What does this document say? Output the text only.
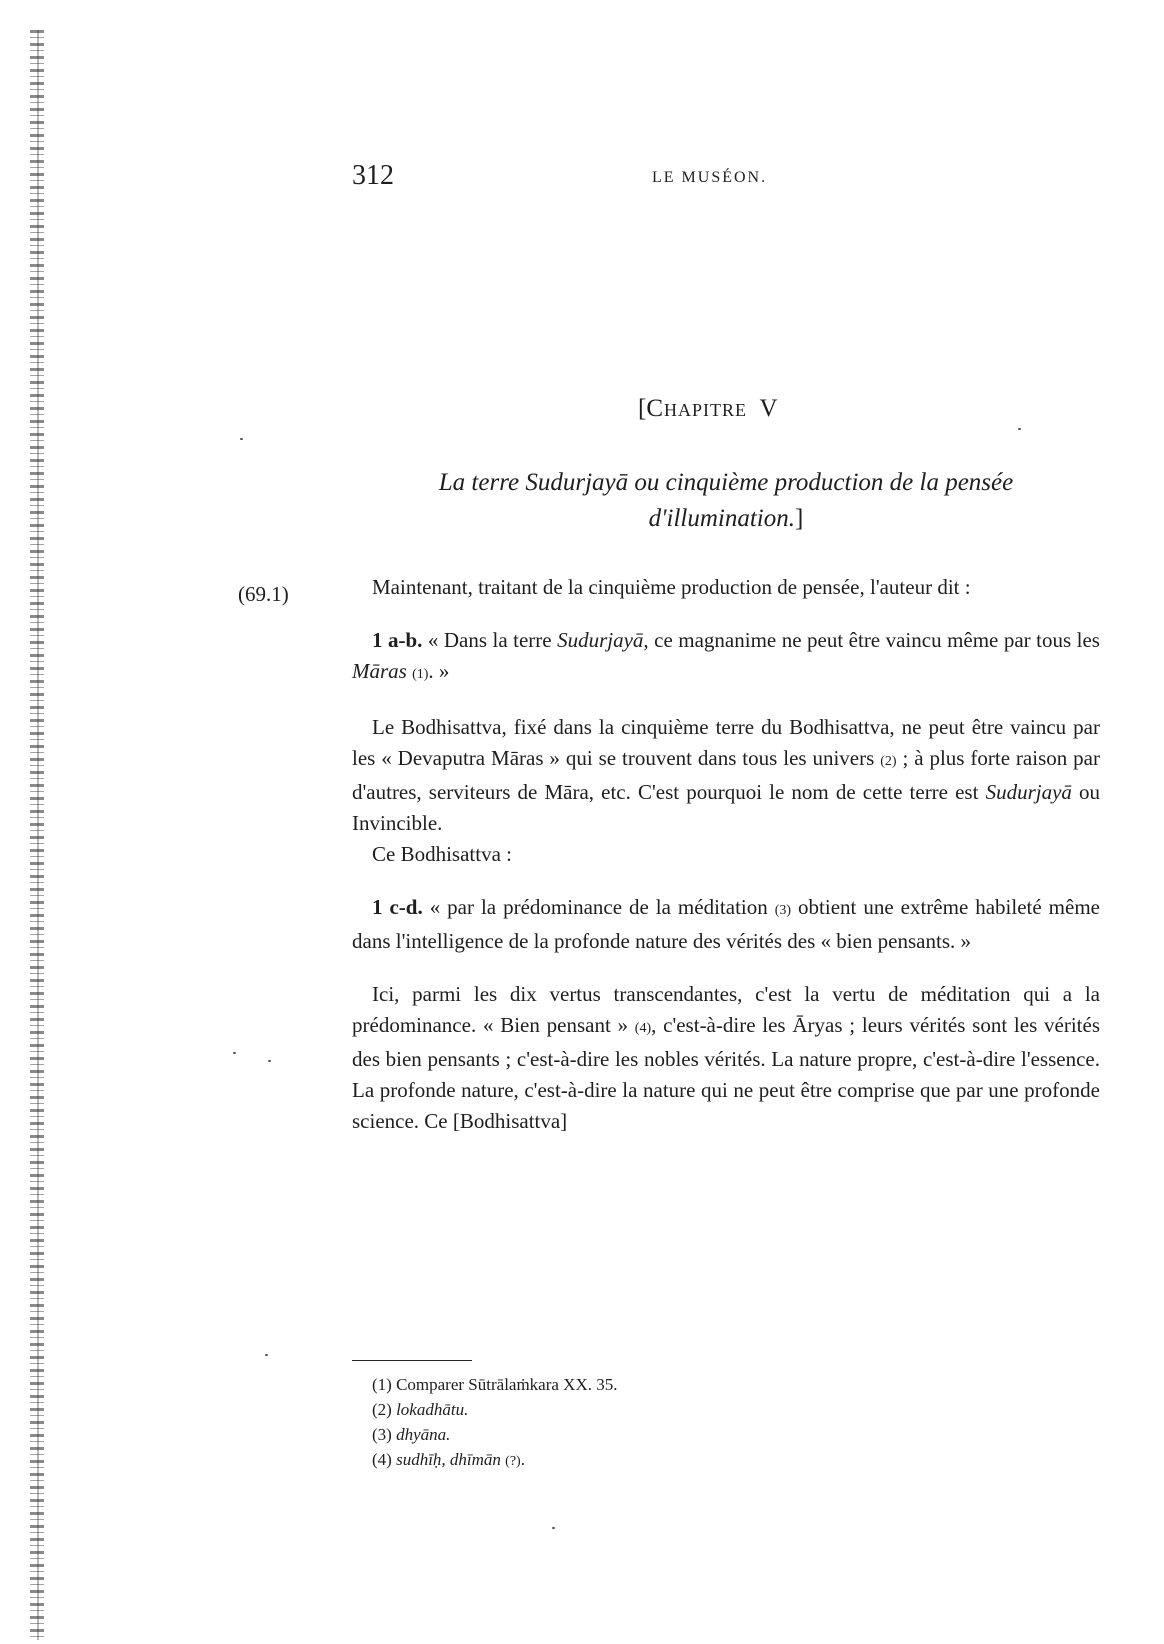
312	LE MUSÉON.
[Chapitre V
La terre Sudurjayā ou cinquième production de la pensée
d'illumination.]
(69.1)	Maintenant, traitant de la cinquième production de pensée, l'auteur dit :

1 a-b. « Dans la terre Sudurjayā, ce magnanime ne peut être vaincu même par tous les Māras (1). »

Le Bodhisattva, fixé dans la cinquième terre du Bodhisattva, ne peut être vaincu par les « Devaputra Māras » qui se trouvent dans tous les univers (2) ; à plus forte raison par d'autres, serviteurs de Māra, etc. C'est pourquoi le nom de cette terre est Sudurjayā ou Invincible.

Ce Bodhisattva :

1 c-d. « par la prédominance de la méditation (3) obtient une extrême habileté même dans l'intelligence de la profonde nature des vérités des « bien pensants. »

Ici, parmi les dix vertus transcendantes, c'est la vertu de méditation qui a la prédominance. « Bien pensant » (4), c'est-à-dire les Āryas ; leurs vérités sont les vérités des bien pensants ; c'est-à-dire les nobles vérités. La nature propre, c'est-à-dire l'essence. La profonde nature, c'est-à-dire la nature qui ne peut être comprise que par une profonde science. Ce [Bodhisattva]

(1) Comparer Sūtrālaṁkara XX. 35.
(2) lokadhātu.
(3) dhyāna.
(4) sudhīḥ, dhīmān (?).
